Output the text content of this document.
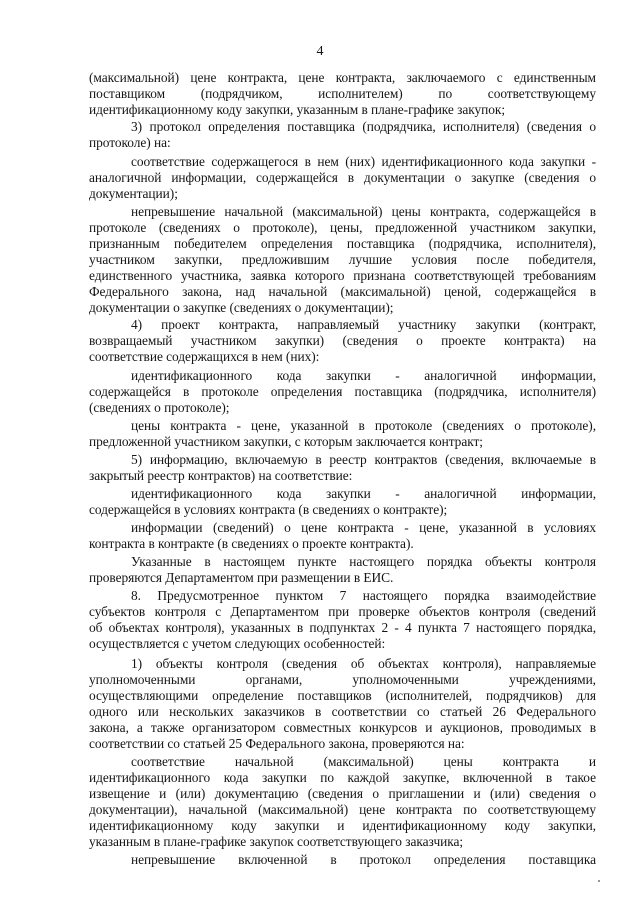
4
(максимальной) цене контракта, цене контракта, заключаемого с единственным
поставщиком (подрядчиком, исполнителем) по соответствующему
идентификационному коду закупки, указанным в плане-графике закупок;
3) протокол определения поставщика (подрядчика, исполнителя) (сведения о
протоколе) на:
соответствие содержащегося в нем (них) идентификационного кода закупки -
аналогичной информации, содержащейся в документации о закупке (сведения о
документации);
непревышение начальной (максимальной) цены контракта, содержащейся в
протоколе (сведениях о протоколе), цены, предложенной участником закупки,
признанным победителем определения поставщика (подрядчика, исполнителя),
участником закупки, предложившим лучшие условия после победителя,
единственного участника, заявка которого признана соответствующей требованиям
Федерального закона, над начальной (максимальной) ценой, содержащейся в
документации о закупке (сведениях о документации);
4) проект контракта, направляемый участнику закупки (контракт,
возвращаемый участником закупки) (сведения о проекте контракта) на
соответствие содержащихся в нем (них):
идентификационного кода закупки - аналогичной информации,
содержащейся в протоколе определения поставщика (подрядчика, исполнителя)
(сведениях о протоколе);
цены контракта - цене, указанной в протоколе (сведениях о протоколе),
предложенной участником закупки, с которым заключается контракт;
5) информацию, включаемую в реестр контрактов (сведения, включаемые в
закрытый реестр контрактов) на соответствие:
идентификационного кода закупки - аналогичной информации,
содержащейся в условиях контракта (в сведениях о контракте);
информации (сведений) о цене контракта - цене, указанной в условиях
контракта в контракте (в сведениях о проекте контракта).
Указанные в настоящем пункте настоящего порядка объекты контроля
проверяются Департаментом при размещении в ЕИС.
8. Предусмотренное пунктом 7 настоящего порядка взаимодействие
субъектов контроля с Департаментом при проверке объектов контроля (сведений
об объектах контроля), указанных в подпунктах 2 - 4 пункта 7 настоящего порядка,
осуществляется с учетом следующих особенностей:
1) объекты контроля (сведения об объектах контроля), направляемые
уполномоченными органами, уполномоченными учреждениями,
осуществляющими определение поставщиков (исполнителей, подрядчиков) для
одного или нескольких заказчиков в соответствии со статьей 26 Федерального
закона, а также организатором совместных конкурсов и аукционов, проводимых в
соответствии со статьей 25 Федерального закона, проверяются на:
соответствие начальной (максимальной) цены контракта и
идентификационного кода закупки по каждой закупке, включенной в такое
извещение и (или) документацию (сведения о приглашении и (или) сведения о
документации), начальной (максимальной) цене контракта по соответствующему
идентификационному коду закупки и идентификационному коду закупки,
указанным в плане-графике закупок соответствующего заказчика;
непревышение включенной в протокол определения поставщика
